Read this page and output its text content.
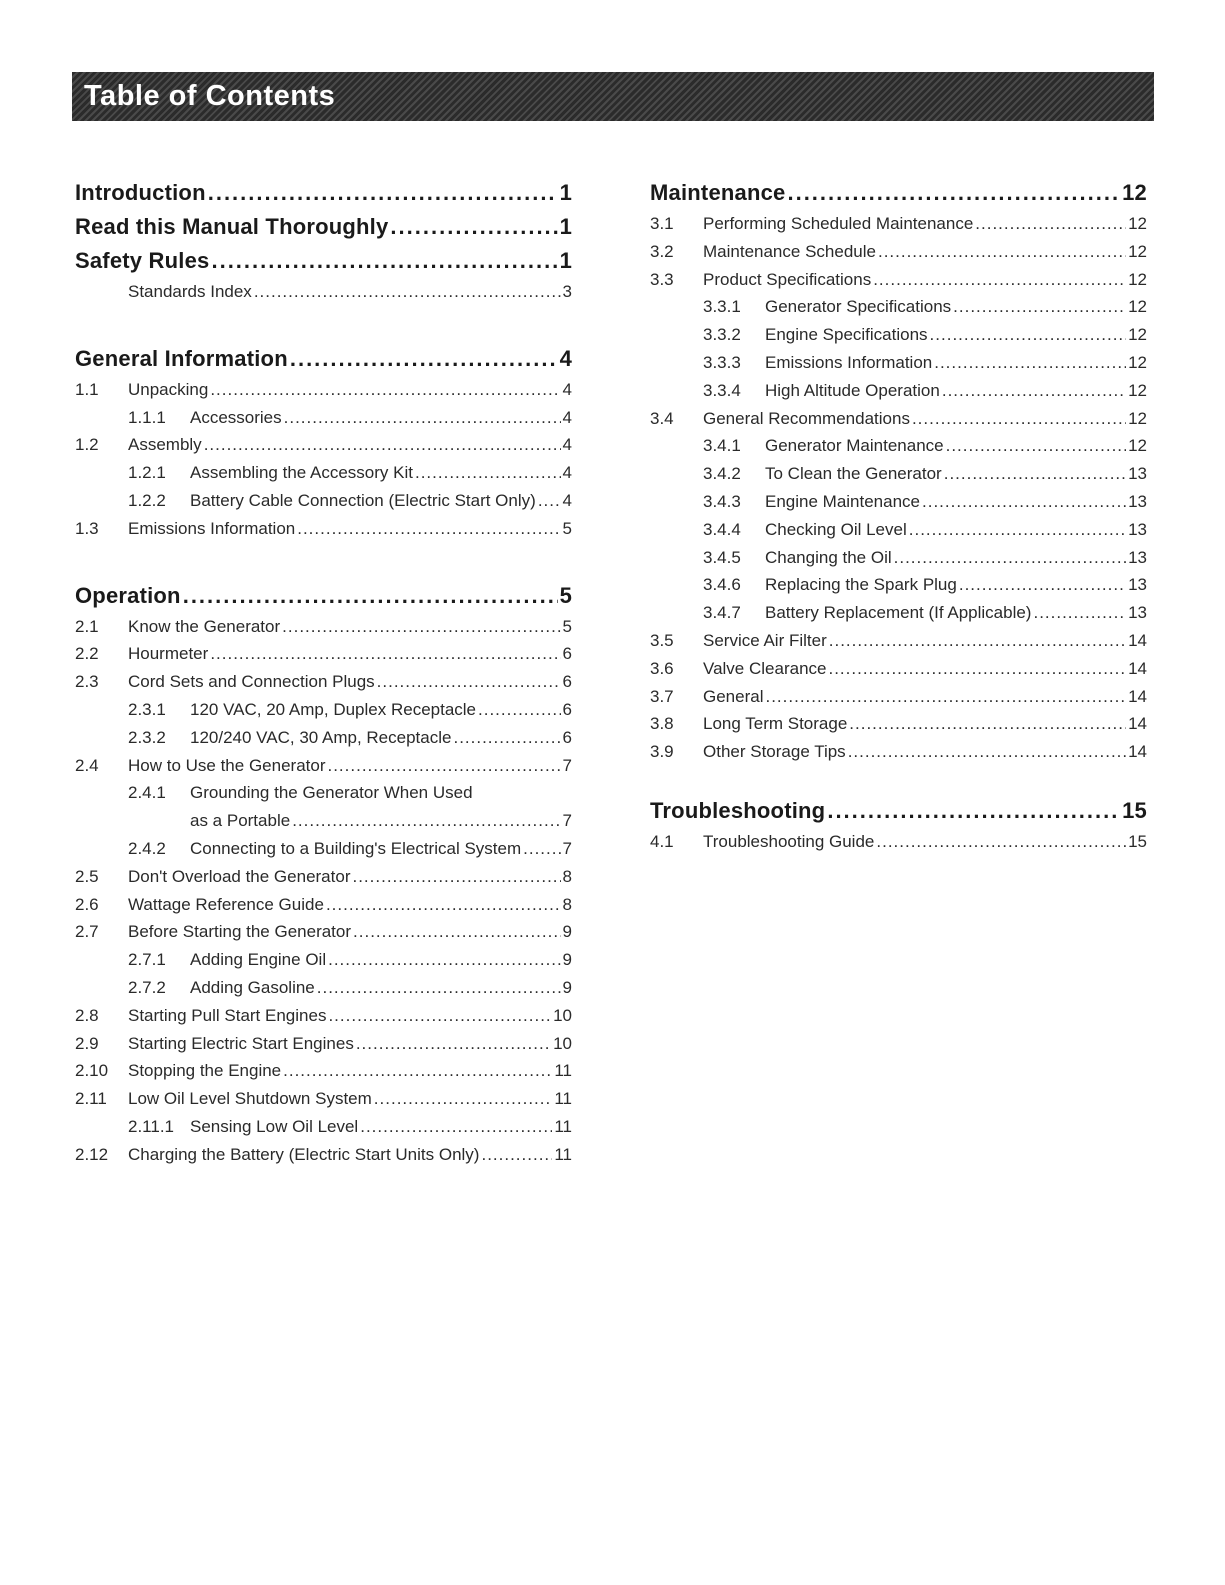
Table of Contents
Introduction .....	1
Read this Manual Thoroughly .....	1
Safety Rules .....	1
Standards Index .....	3
General Information .....	4
1.1 Unpacking .....	4
1.1.1 Accessories .....	4
1.2 Assembly .....	4
1.2.1 Assembling the Accessory Kit .....	4
1.2.2 Battery Cable Connection (Electric Start Only) ..... 4
1.3 Emissions Information .....	5
Operation .....	5
2.1 Know the Generator .....	5
2.2 Hourmeter .....	6
2.3 Cord Sets and Connection Plugs .....	6
2.3.1 120 VAC, 20 Amp, Duplex Receptacle .....	6
2.3.2 120/240 VAC, 30 Amp, Receptacle .....	6
2.4 How to Use the Generator .....	7
2.4.1 Grounding the Generator When Used
as a Portable .....	7
2.4.2 Connecting to a Building's Electrical System ..... 7
2.5 Don't Overload the Generator .....	8
2.6 Wattage Reference Guide .....	8
2.7 Before Starting the Generator .....	9
2.7.1 Adding Engine Oil .....	9
2.7.2 Adding Gasoline .....	9
2.8 Starting Pull Start Engines .....	10
2.9 Starting Electric Start Engines .....	10
2.10 Stopping the Engine .....	11
2.11 Low Oil Level Shutdown System .....	11
2.11.1 Sensing Low Oil Level .....	11
2.12 Charging the Battery (Electric Start Units Only) .....	11
Maintenance .....	12
3.1 Performing Scheduled Maintenance .....	12
3.2 Maintenance Schedule .....	12
3.3 Product Specifications .....	12
3.3.1 Generator Specifications .....	12
3.3.2 Engine Specifications .....	12
3.3.3 Emissions Information .....	12
3.3.4 High Altitude Operation .....	12
3.4 General Recommendations .....	12
3.4.1 Generator Maintenance .....	12
3.4.2 To Clean the Generator .....	13
3.4.3 Engine Maintenance .....	13
3.4.4 Checking Oil Level .....	13
3.4.5 Changing the Oil .....	13
3.4.6 Replacing the Spark Plug .....	13
3.4.7 Battery Replacement (If Applicable) .....	13
3.5 Service Air Filter .....	14
3.6 Valve Clearance .....	14
3.7 General .....	14
3.8 Long Term Storage .....	14
3.9 Other Storage Tips .....	14
Troubleshooting .....	15
4.1 Troubleshooting Guide .....	15
